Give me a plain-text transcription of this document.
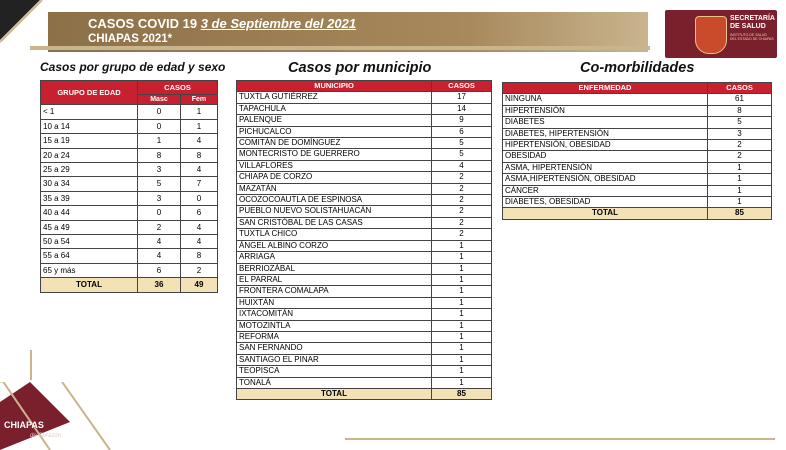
CASOS COVID 19 3 de Septiembre del 2021
CHIAPAS 2021*
SECRETARÍA
DE SALUD
INSTITUTO DE SALUD DEL ESTADO DE CHIAPAS
Casos por grupo de edad y sexo	Casos por municipio	Co-morbilidades
GRUPO DE EDAD	CASOS	
	Masc	Fem
< 1	0	1
10 a 14	0	1
15 a 19	1	4
20 a 24	8	8
25 a 29	3	4
30 a 34	5	7
35 a 39	3	0
40 a 44	0	6
45 a 49	2	4
50 a 54	4	4
55 a 64	4	8
65 y más	6	2
TOTAL	36	49
MUNICIPIO	CASOS
TUXTLA GUTIÉRREZ	17
TAPACHULA	14
PALENQUE	9
PICHUCALCO	6
COMITÁN DE DOMÍNGUEZ	5
MONTECRISTO DE GUERRERO	5
VILLAFLORES	4
CHIAPA DE CORZO	2
MAZATÁN	2
OCOZOCOAUTLA DE ESPINOSA	2
PUEBLO NUEVO SOLISTAHUACÁN	2
SAN CRISTÓBAL DE LAS CASAS	2
TUXTLA CHICO	2
ÁNGEL ALBINO CORZO	1
ARRIAGA	1
BERRIOZÁBAL	1
EL PARRAL	1
FRONTERA COMALAPA	1
HUIXTÁN	1
IXTACOMITÁN	1
MOTOZINTLA	1
REFORMA	1
SAN FERNANDO	1
SANTIAGO EL PINAR	1
TEOPISCA	1
TONALÁ	1
TOTAL	85
ENFERMEDAD	CASOS
NINGUNA	61
HIPERTENSIÓN	8
DIABETES	5
DIABETES, HIPERTENSIÓN	3
HIPERTENSIÓN, OBESIDAD	2
OBESIDAD	2
ASMA, HIPERTENSIÓN	1
ASMA,HIPERTENSIÓN, OBESIDAD	1
CÁNCER	1
DIABETES, OBESIDAD	1
TOTAL	85
CHIAPAS
de Corazón
